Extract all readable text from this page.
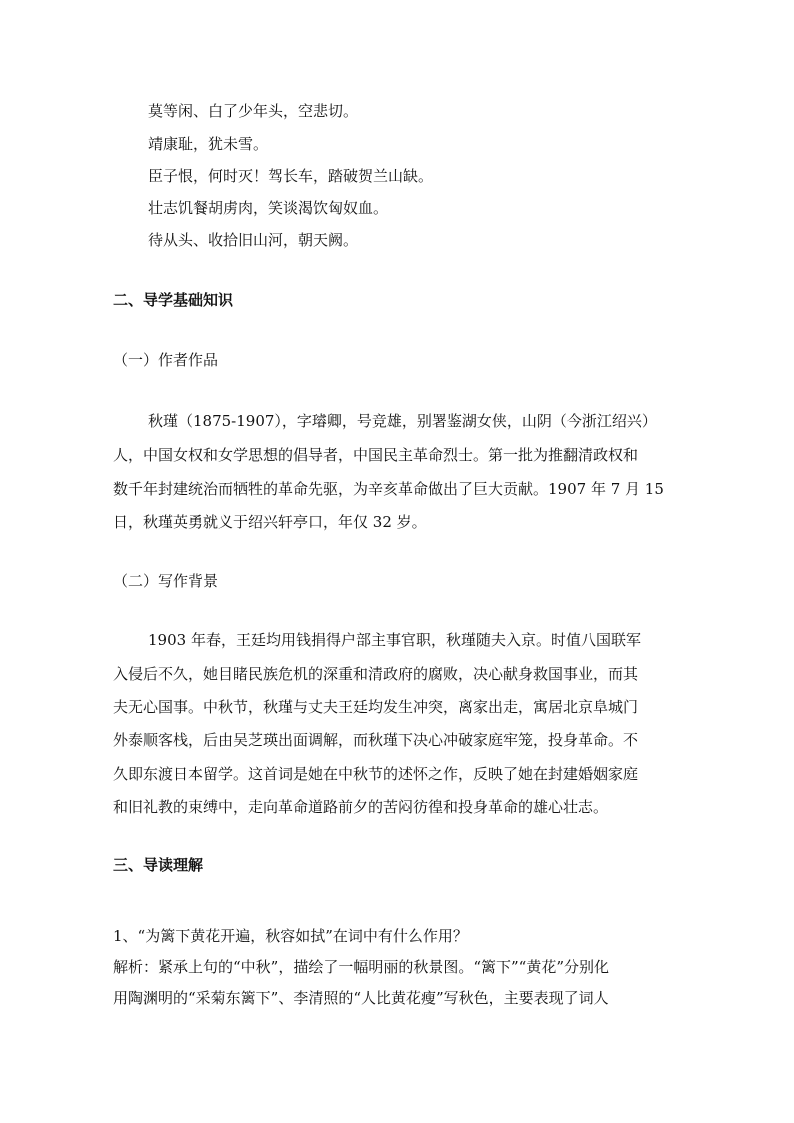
莫等闲、白了少年头，空悲切。
靖康耻，犹未雪。
臣子恨，何时灭！驾长车，踏破贺兰山缺。
壮志饥餐胡虏肉，笑谈渴饮匈奴血。
待从头、收拾旧山河，朝天阙。
二、导学基础知识
（一）作者作品
秋瑾（1875-1907），字璿卿，号竞雄，别署鉴湖女侠，山阴（今浙江绍兴）
人，中国女权和女学思想的倡导者，中国民主革命烈士。第一批为推翻清政权和
数千年封建统治而牺牲的革命先驱，为辛亥革命做出了巨大贡献。1907 年 7 月 15
日，秋瑾英勇就义于绍兴轩亭口，年仅 32 岁。
（二）写作背景
1903 年春，王廷均用钱捐得户部主事官职，秋瑾随夫入京。时值八国联军
入侵后不久，她目睹民族危机的深重和清政府的腐败，决心献身救国事业，而其
夫无心国事。中秋节，秋瑾与丈夫王廷均发生冲突，离家出走，寓居北京阜城门
外泰顺客栈，后由吴芝瑛出面调解，而秋瑾下决心冲破家庭牢笼，投身革命。不
久即东渡日本留学。这首词是她在中秋节的述怀之作，反映了她在封建婚姻家庭
和旧礼教的束缚中，走向革命道路前夕的苦闷彷徨和投身革命的雄心壮志。
三、导读理解
1、“为篱下黄花开遍，秋容如拭”在词中有什么作用？
解析：紧承上句的“中秋”，描绘了一幅明丽的秋景图。“篱下”“黄花”分别化
用陶渊明的“采菊东篱下”、李清照的“人比黄花瘦”写秋色，主要表现了词人
